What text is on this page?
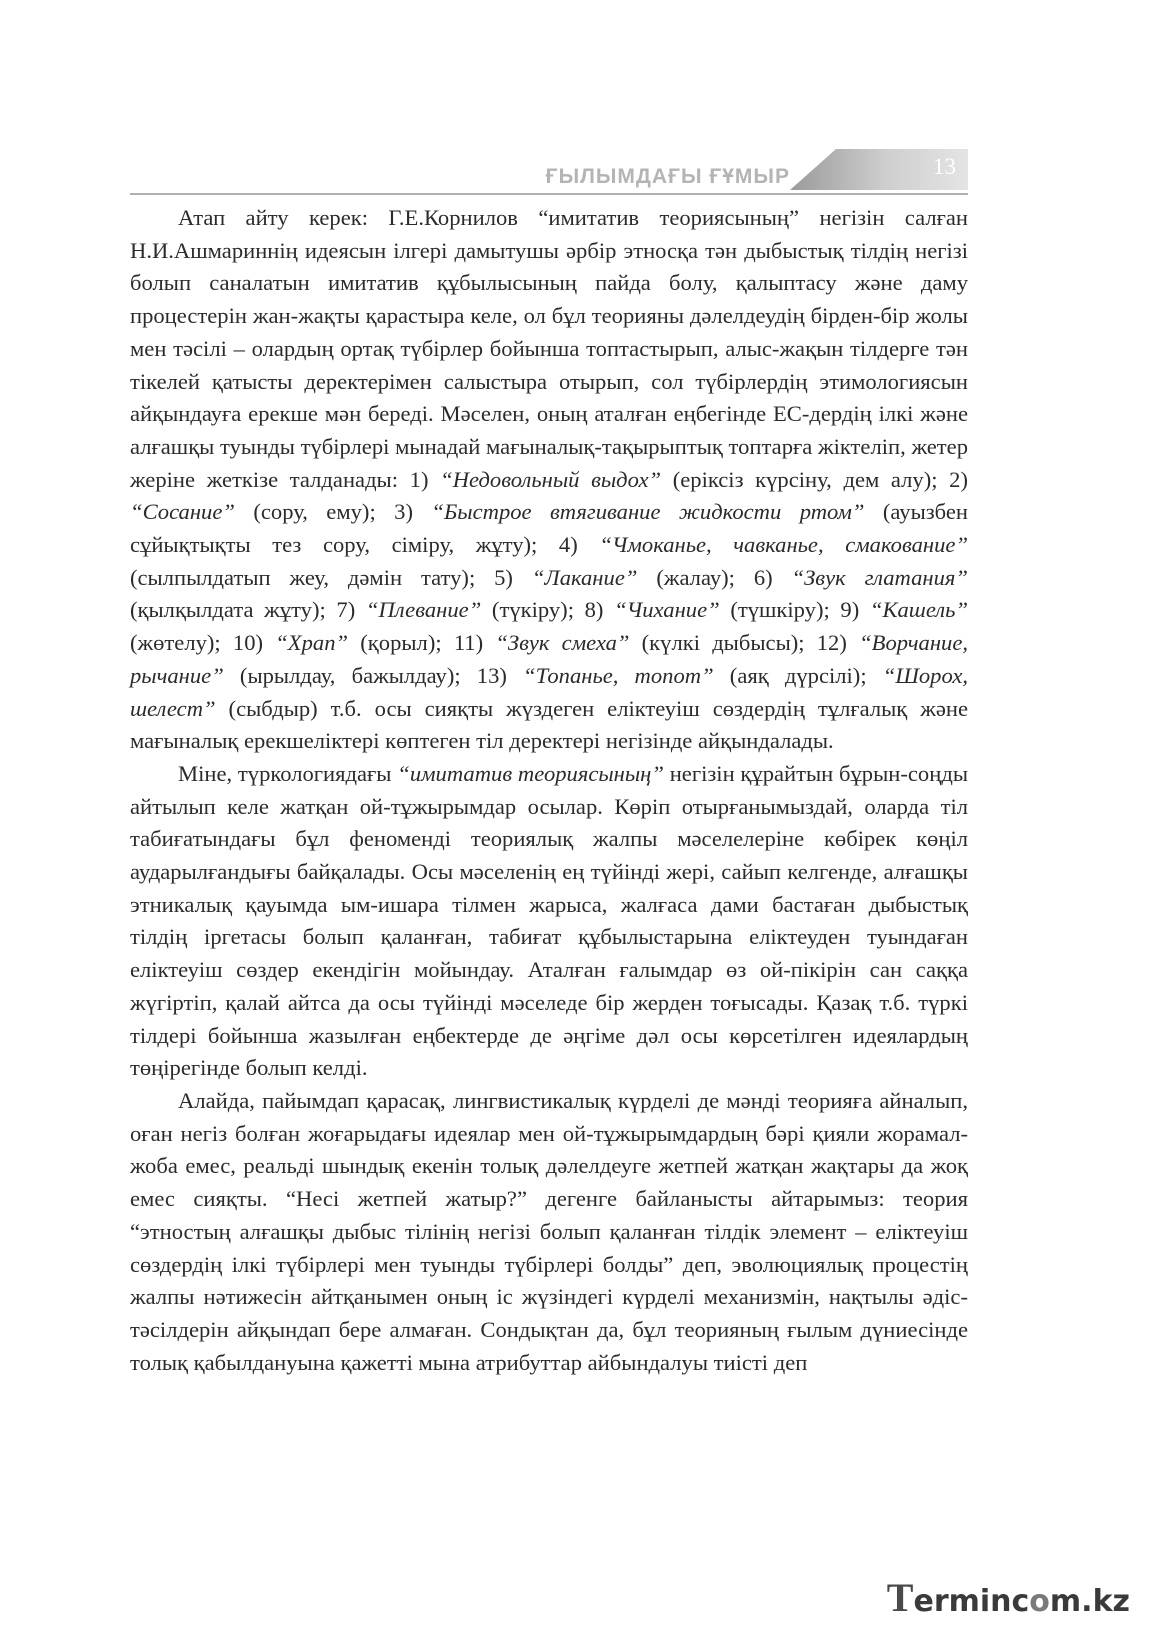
ҒЫЛЫМДАҒЫ ҒҰМЫР	13

Атап айту керек: Г.Е.Корнилов “имитатив теориясының” негізін салған Н.И.Ашмариннің идеясын ілгері дамытушы әрбір этносқа тән дыбыстық тілдің негізі болып саналатын имитатив құбылысының пайда болу, қалыптасу және даму процестерін жан-жақты қарастыра келе, ол бұл теорияны дәлелдеудің бірден-бір жолы мен тәсілі – олардың ортақ түбірлер бойынша топтастырып, алыс-жақын тілдерге тән тікелей қатысты деректерімен салыстыра отырып, сол түбірлердің этимологиясын айқындауға ерекше мән береді. Мәселен, оның аталған еңбегінде ЕС-дердің ілкі және алғашқы туынды түбірлері мынадай мағыналық-тақырыптық топтарға жіктеліп, жетер жеріне жеткізе талданады: 1) “Недовольный выдох” (еріксіз күрсіну, дем алу); 2) “Сосание” (сору, ему); 3) “Быстрое втягивание жидкости ртом” (ауызбен сұйықтықты тез сору, сіміру, жұту); 4) “Чмоканье, чавканье, смакование” (сылпылдатып жеу, дәмін тату); 5) “Лакание” (жалау); 6) “Звук глатания” (қылқылдата жұту); 7) “Плевание” (түкіру); 8) “Чихание” (түшкіру); 9) “Кашель” (жөтелу); 10) “Храп” (қорыл); 11) “Звук смеха” (күлкі дыбысы); 12) “Ворчание, рычание” (ырылдау, бажылдау); 13) “Топанье, топот” (аяқ дүрсілі); “Шорох, шелест” (сыбдыр) т.б. осы сияқты жүздеген еліктеуіш сөздердің тұлғалық және мағыналық ерекшеліктері көптеген тіл деректері негізінде айқындалады.

Міне, түркологиядағы “имитатив теориясының” негізін құрайтын бұрын-соңды айтылып келе жатқан ой-тұжырымдар осылар. Көріп отырғанымыздай, оларда тіл табиғатындағы бұл феноменді теориялық жалпы мәселелеріне көбірек көңіл аударылғандығы байқалады. Осы мәселенің ең түйінді жері, сайып келгенде, алғашқы этникалық қауымда ым-ишара тілмен жарыса, жалғаса дами бастаған дыбыстық тілдің іргетасы болып қаланған, табиғат құбылыстарына еліктеуден туындаған еліктеуіш сөздер екендігін мойындау. Аталған ғалымдар өз ой-пікірін сан саққа жүгіртіп, қалай айтса да осы түйінді мәселеде бір жерден тоғысады. Қазақ т.б. түркі тілдері бойынша жазылған еңбектерде де әңгіме дәл осы көрсетілген идеялардың төңірегінде болып келді.

Алайда, пайымдап қарасақ, лингвистикалық күрделі де мәнді теорияға айналып, оған негіз болған жоғарыдағы идеялар мен ой-тұжырымдардың бәрі қияли жорамал-жоба емес, реальді шындық екенін толық дәлелдеуге жетпей жатқан жақтары да жоқ емес сияқты. “Несі жетпей жатыр?” дегенге байланысты айтарымыз: теория “этностың алғашқы дыбыс тілінің негізі болып қаланған тілдік элемент – еліктеуіш сөздердің ілкі түбірлері мен туынды түбірлері болды” деп, эволюциялық процестің жалпы нәтижесін айтқанымен оның іс жүзіндегі күрделі механизмін, нақтылы әдіс-тәсілдерін айқындап бере алмаған. Сондықтан да, бұл теорияның ғылым дүниесінде толық қабылдануына қажетті мына атрибуттар айбындалуы тиісті деп

Termincom.kz
